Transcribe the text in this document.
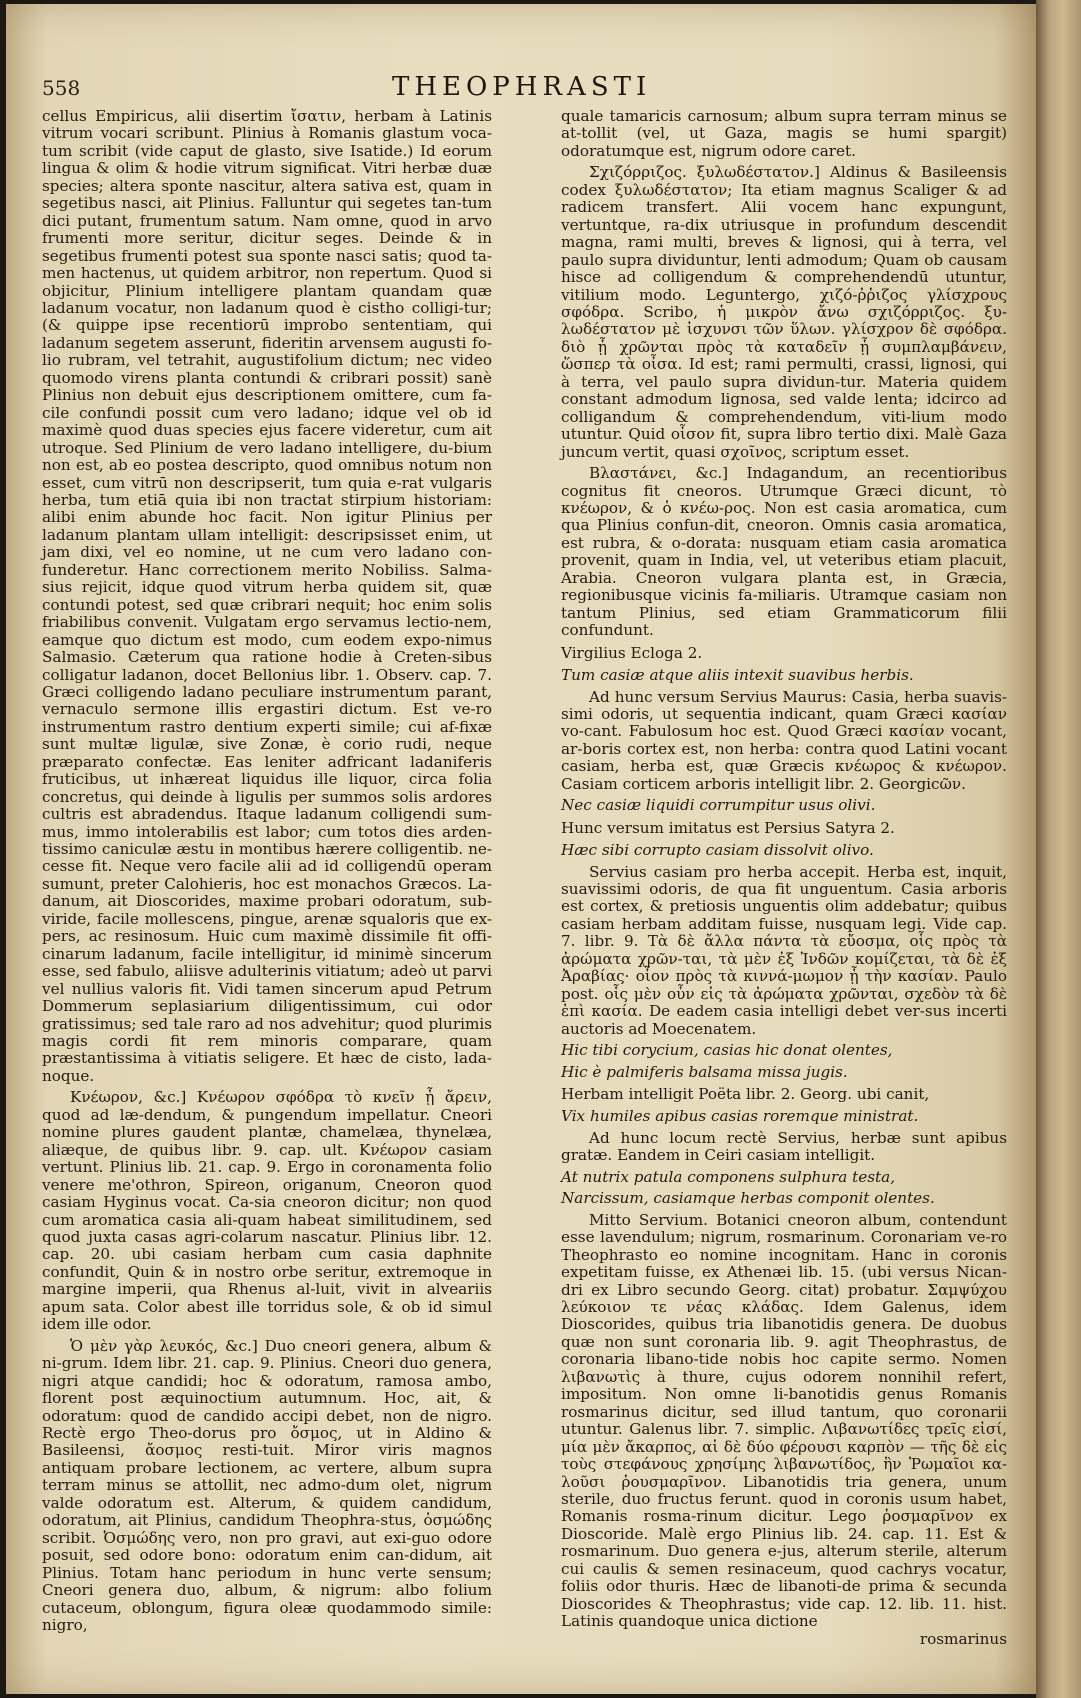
558	THEOPHRASTI

cellus Empiricus, alii disertim ἴσατιν, herbam à Latinis vitrum vocari scribunt. Plinius à Romanis glastum voca-tum scribit (vide caput de glasto, sive Isatide.) Id eorum lingua & olim & hodie vitrum significat. Vitri herbæ duæ species; altera sponte nascitur, altera sativa est, quam in segetibus nasci, ait Plinius. Falluntur qui segetes tan-tum dici putant, frumentum satum. Nam omne, quod in arvo frumenti more seritur, dicitur seges. Deinde & in segetibus frumenti potest sua sponte nasci satis; quod ta-men hactenus, ut quidem arbitror, non repertum. Quod si objicitur, Plinium intelligere plantam quandam quæ ladanum vocatur, non ladanum quod è cistho colligi-tur; (& quippe ipse recentiorū improbo sententiam, qui ladanum segetem asserunt, fideritin arvensem augusti fo-lio rubram, vel tetrahit, augustifolium dictum; nec video quomodo virens planta contundi & cribrari possit) sanè Plinius non debuit ejus descriptionem omittere, cum fa-cile confundi possit cum vero ladano; idque vel ob id maximè quod duas species ejus facere videretur, cum ait utroque. Sed Plinium de vero ladano intelligere, du-bium non est, ab eo postea descripto, quod omnibus notum non esset, cum vitrū non descripserit, tum quia e-rat vulgaris herba, tum etiā quia ibi non tractat stirpium historiam: alibi enim abunde hoc facit. Non igitur Plinius per ladanum plantam ullam intelligit: descripsisset enim, ut jam dixi, vel eo nomine, ut ne cum vero ladano con-funderetur. Hanc correctionem merito Nobiliss. Salma-sius rejicit, idque quod vitrum herba quidem sit, quæ contundi potest, sed quæ cribrari nequit; hoc enim solis friabilibus convenit. Vulgatam ergo servamus lectio-nem, eamque quo dictum est modo, cum eodem expo-nimus Salmasio. Cæterum qua ratione hodie à Creten-sibus colligatur ladanon, docet Bellonius libr. 1. Observ. cap. 7. Græci colligendo ladano peculiare instrumentum parant, vernaculo sermone illis ergastiri dictum. Est ve-ro instrumentum rastro dentium experti simile; cui af-fixæ sunt multæ ligulæ, sive Zonæ, è corio rudi, neque præparato confectæ. Eas leniter adfricant ladaniferis fruticibus, ut inhæreat liquidus ille liquor, circa folia concretus, qui deinde à ligulis per summos solis ardores cultris est abradendus. Itaque ladanum colligendi sum-mus, immo intolerabilis est labor; cum totos dies arden-tissimo caniculæ æstu in montibus hærere colligentib. ne-cesse fit. Neque vero facile alii ad id colligendū operam sumunt, preter Calohieris, hoc est monachos Græcos. La-danum, ait Dioscorides, maxime probari odoratum, sub-viride, facile mollescens, pingue, arenæ squaloris que ex-pers, ac resinosum. Huic cum maximè dissimile fit offi-cinarum ladanum, facile intelligitur, id minimè sincerum esse, sed fabulo, aliisve adulterinis vitiatum; adeò ut parvi vel nullius valoris fit. Vidi tamen sincerum apud Petrum Dommerum seplasiarium diligentissimum, cui odor gratissimus; sed tale raro ad nos advehitur; quod plurimis magis cordi fit rem minoris comparare, quam præstantissima à vitiatis seligere. Et hæc de cisto, lada-noque.

Κνέωρον, &c.] Κνέωρον σφόδρα τὸ κνεῖν ᾗ ἄρειν, quod ad læ-dendum, & pungendum impellatur. Cneori nomine plures gaudent plantæ, chamelæa, thynelæa, aliæque, de quibus libr. 9. cap. ult. Κνέωρον casiam vertunt. Plinius lib. 21. cap. 9. Ergo in coronamenta folio venere me'othron, Spireon, origanum, Cneoron quod casiam Hyginus vocat. Ca-sia cneoron dicitur; non quod cum aromatica casia ali-quam habeat similitudinem, sed quod juxta casas agri-colarum nascatur. Plinius libr. 12. cap. 20. ubi casiam herbam cum casia daphnite confundit, Quin & in nostro orbe seritur, extremoque in margine imperii, qua Rhenus al-luit, vivit in alveariis apum sata. Color abest ille torridus sole, & ob id simul idem ille odor.

Ὁ μὲν γὰρ λευκός, &c.] Duo cneori genera, album & ni-grum. Idem libr. 21. cap. 9. Plinius. Cneori duo genera, nigri atque candidi; hoc & odoratum, ramosa ambo, florent post æquinoctium autumnum. Hoc, ait, & odoratum: quod de candido accipi debet, non de nigro. Rectè ergo Theo-dorus pro ὄσμος, ut in Aldino & Basileensi, ἄοσμος resti-tuit. Miror viris magnos antiquam probare lectionem, ac vertere, album supra terram minus se attollit, nec admo-dum olet, nigrum valde odoratum est. Alterum, & quidem candidum, odoratum, ait Plinius, candidum Theophra-stus, ὀσμώδης scribit. Ὀσμώδης vero, non pro gravi, aut exi-guo odore posuit, sed odore bono: odoratum enim can-didum, ait Plinius. Totam hanc periodum in hunc verte sensum; Cneori genera duo, album, & nigrum: albo folium cutaceum, oblongum, figura oleæ quodammodo simile: nigro,

quale tamaricis carnosum; album supra terram minus se at-tollit (vel, ut Gaza, magis se humi spargit) odoratumque est, nigrum odore caret.

Σχιζόρριζος. ξυλωδέστατον.] Aldinus & Basileensis codex ξυλωδέστατον; Ita etiam magnus Scaliger & ad radicem transfert. Alii vocem hanc expungunt, vertuntque, ra-dix utriusque in profundum descendit magna, rami multi, breves & lignosi, qui à terra, vel paulo supra dividuntur, lenti admodum; Quam ob causam hisce ad colligendum & comprehendendū utuntur, vitilium modo. Leguntergo, χιζό-ῤῥιζος γλίσχρους σφόδρα. Scribo, ἡ μικρὸν ἄνω σχιζόρριζος. ξυ-λωδέστατον μὲ ἰσχυνσι τῶν ὕλων. γλίσχρον δὲ σφόδρα. διὸ ᾗ χρῶνται πρὸς τὰ καταδεῖν ᾗ συμπλαμβάνειν, ὥσπερ τὰ οἶσα. Id est; rami permulti, crassi, lignosi, qui à terra, vel paulo supra dividun-tur. Materia quidem constant admodum lignosa, sed valde lenta; idcirco ad colligandum & comprehendendum, viti-lium modo utuntur. Quid οἶσον fit, supra libro tertio dixi. Malè Gaza juncum vertit, quasi σχοῖνος, scriptum esset.

Βλαστάνει, &c.] Indagandum, an recentioribus cognitus fit cneoros. Utrumque Græci dicunt, τὸ κνέωρον, & ὁ κνέω-ρος. Non est casia aromatica, cum qua Plinius confun-dit, cneoron. Omnis casia aromatica, est rubra, & o-dorata: nusquam etiam casia aromatica provenit, quam in India, vel, ut veteribus etiam placuit, Arabia. Cneoron vulgara planta est, in Græcia, regionibusque vicinis fa-miliaris. Utramque casiam non tantum Plinius, sed etiam Grammaticorum filii confundunt.

Virgilius Ecloga 2.

Tum casiæ atque aliis intexit suavibus herbis.

Ad hunc versum Servius Maurus: Casia, herba suavis-simi odoris, ut sequentia indicant, quam Græci κασίαν vo-cant. Fabulosum hoc est. Quod Græci κασίαν vocant, ar-boris cortex est, non herba: contra quod Latini vocant casiam, herba est, quæ Græcis κνέωρος & κνέωρον. Casiam corticem arboris intelligit libr. 2. Georgicῶν.

Nec casiæ liquidi corrumpitur usus olivi.

Hunc versum imitatus est Persius Satyra 2.

Hæc sibi corrupto casiam dissolvit olivo.

Servius casiam pro herba accepit. Herba est, inquit, suavissimi odoris, de qua fit unguentum. Casia arboris est cortex, & pretiosis unguentis olim addebatur; quibus casiam herbam additam fuisse, nusquam legi. Vide cap. 7. libr. 9. Τὰ δὲ ἄλλα πάντα τὰ εὔοσμα, οἷς πρὸς τὰ ἀρώματα χρῶν-ται, τὰ μὲν ἐξ Ἰνδῶν κομίζεται, τὰ δὲ ἐξ Ἀραβίας· οἷον πρὸς τὰ κιννά-μωμον ᾗ τὴν κασίαν. Paulo post. οἷς μὲν οὖν εἰς τὰ ἀρώματα χρῶνται, σχεδὸν τὰ δὲ ἐπὶ κασία. De eadem casia intelligi debet ver-sus incerti auctoris ad Moecenatem.

Hic tibi corycium, casias hic donat olentes,

Hic è palmiferis balsama missa jugis.

Herbam intelligit Poëta libr. 2. Georg. ubi canit,

Vix humiles apibus casias roremque ministrat.

Ad hunc locum rectè Servius, herbæ sunt apibus gratæ. Eandem in Ceiri casiam intelligit.

At nutrix patula componens sulphura testa,

Narcissum, casiamque herbas componit olentes.

Mitto Servium. Botanici cneoron album, contendunt esse lavendulum; nigrum, rosmarinum. Coronariam ve-ro Theophrasto eo nomine incognitam. Hanc in coronis expetitam fuisse, ex Athenæi lib. 15. (ubi versus Nican-dri ex Libro secundo Georg. citat) probatur. Σαμψύχου λεύκοιον τε νέας κλάδας. Idem Galenus, idem Dioscorides, quibus tria libanotidis genera. De duobus quæ non sunt coronaria lib. 9. agit Theophrastus, de coronaria libano-tide nobis hoc capite sermo. Nomen λιβανωτὶς à thure, cujus odorem nonnihil refert, impositum. Non omne li-banotidis genus Romanis rosmarinus dicitur, sed illud tantum, quo coronarii utuntur. Galenus libr. 7. simplic. Λιβανωτίδες τρεῖς εἰσί, μία μὲν ἄκαρπος, αἱ δὲ δύο φέρουσι καρπὸν — τῆς δὲ εἰς τοὺς στεφάνους χρησίμης λιβανωτίδος, ἣν Ῥωμαῖοι κα-λοῦσι ῥουσμαρῖνον. Libanotidis tria genera, unum sterile, duo fructus ferunt. quod in coronis usum habet, Romanis rosma-rinum dicitur. Lego ῥοσμαρῖνον ex Dioscoride. Malè ergo Plinius lib. 24. cap. 11. Est & rosmarinum. Duo genera e-jus, alterum sterile, alterum cui caulis & semen resinaceum, quod cachrys vocatur, foliis odor thuris. Hæc de libanoti-de prima & secunda Dioscorides & Theophrastus; vide cap. 12. lib. 11. hist. Latinis quandoque unica dictione

rosmarinus
